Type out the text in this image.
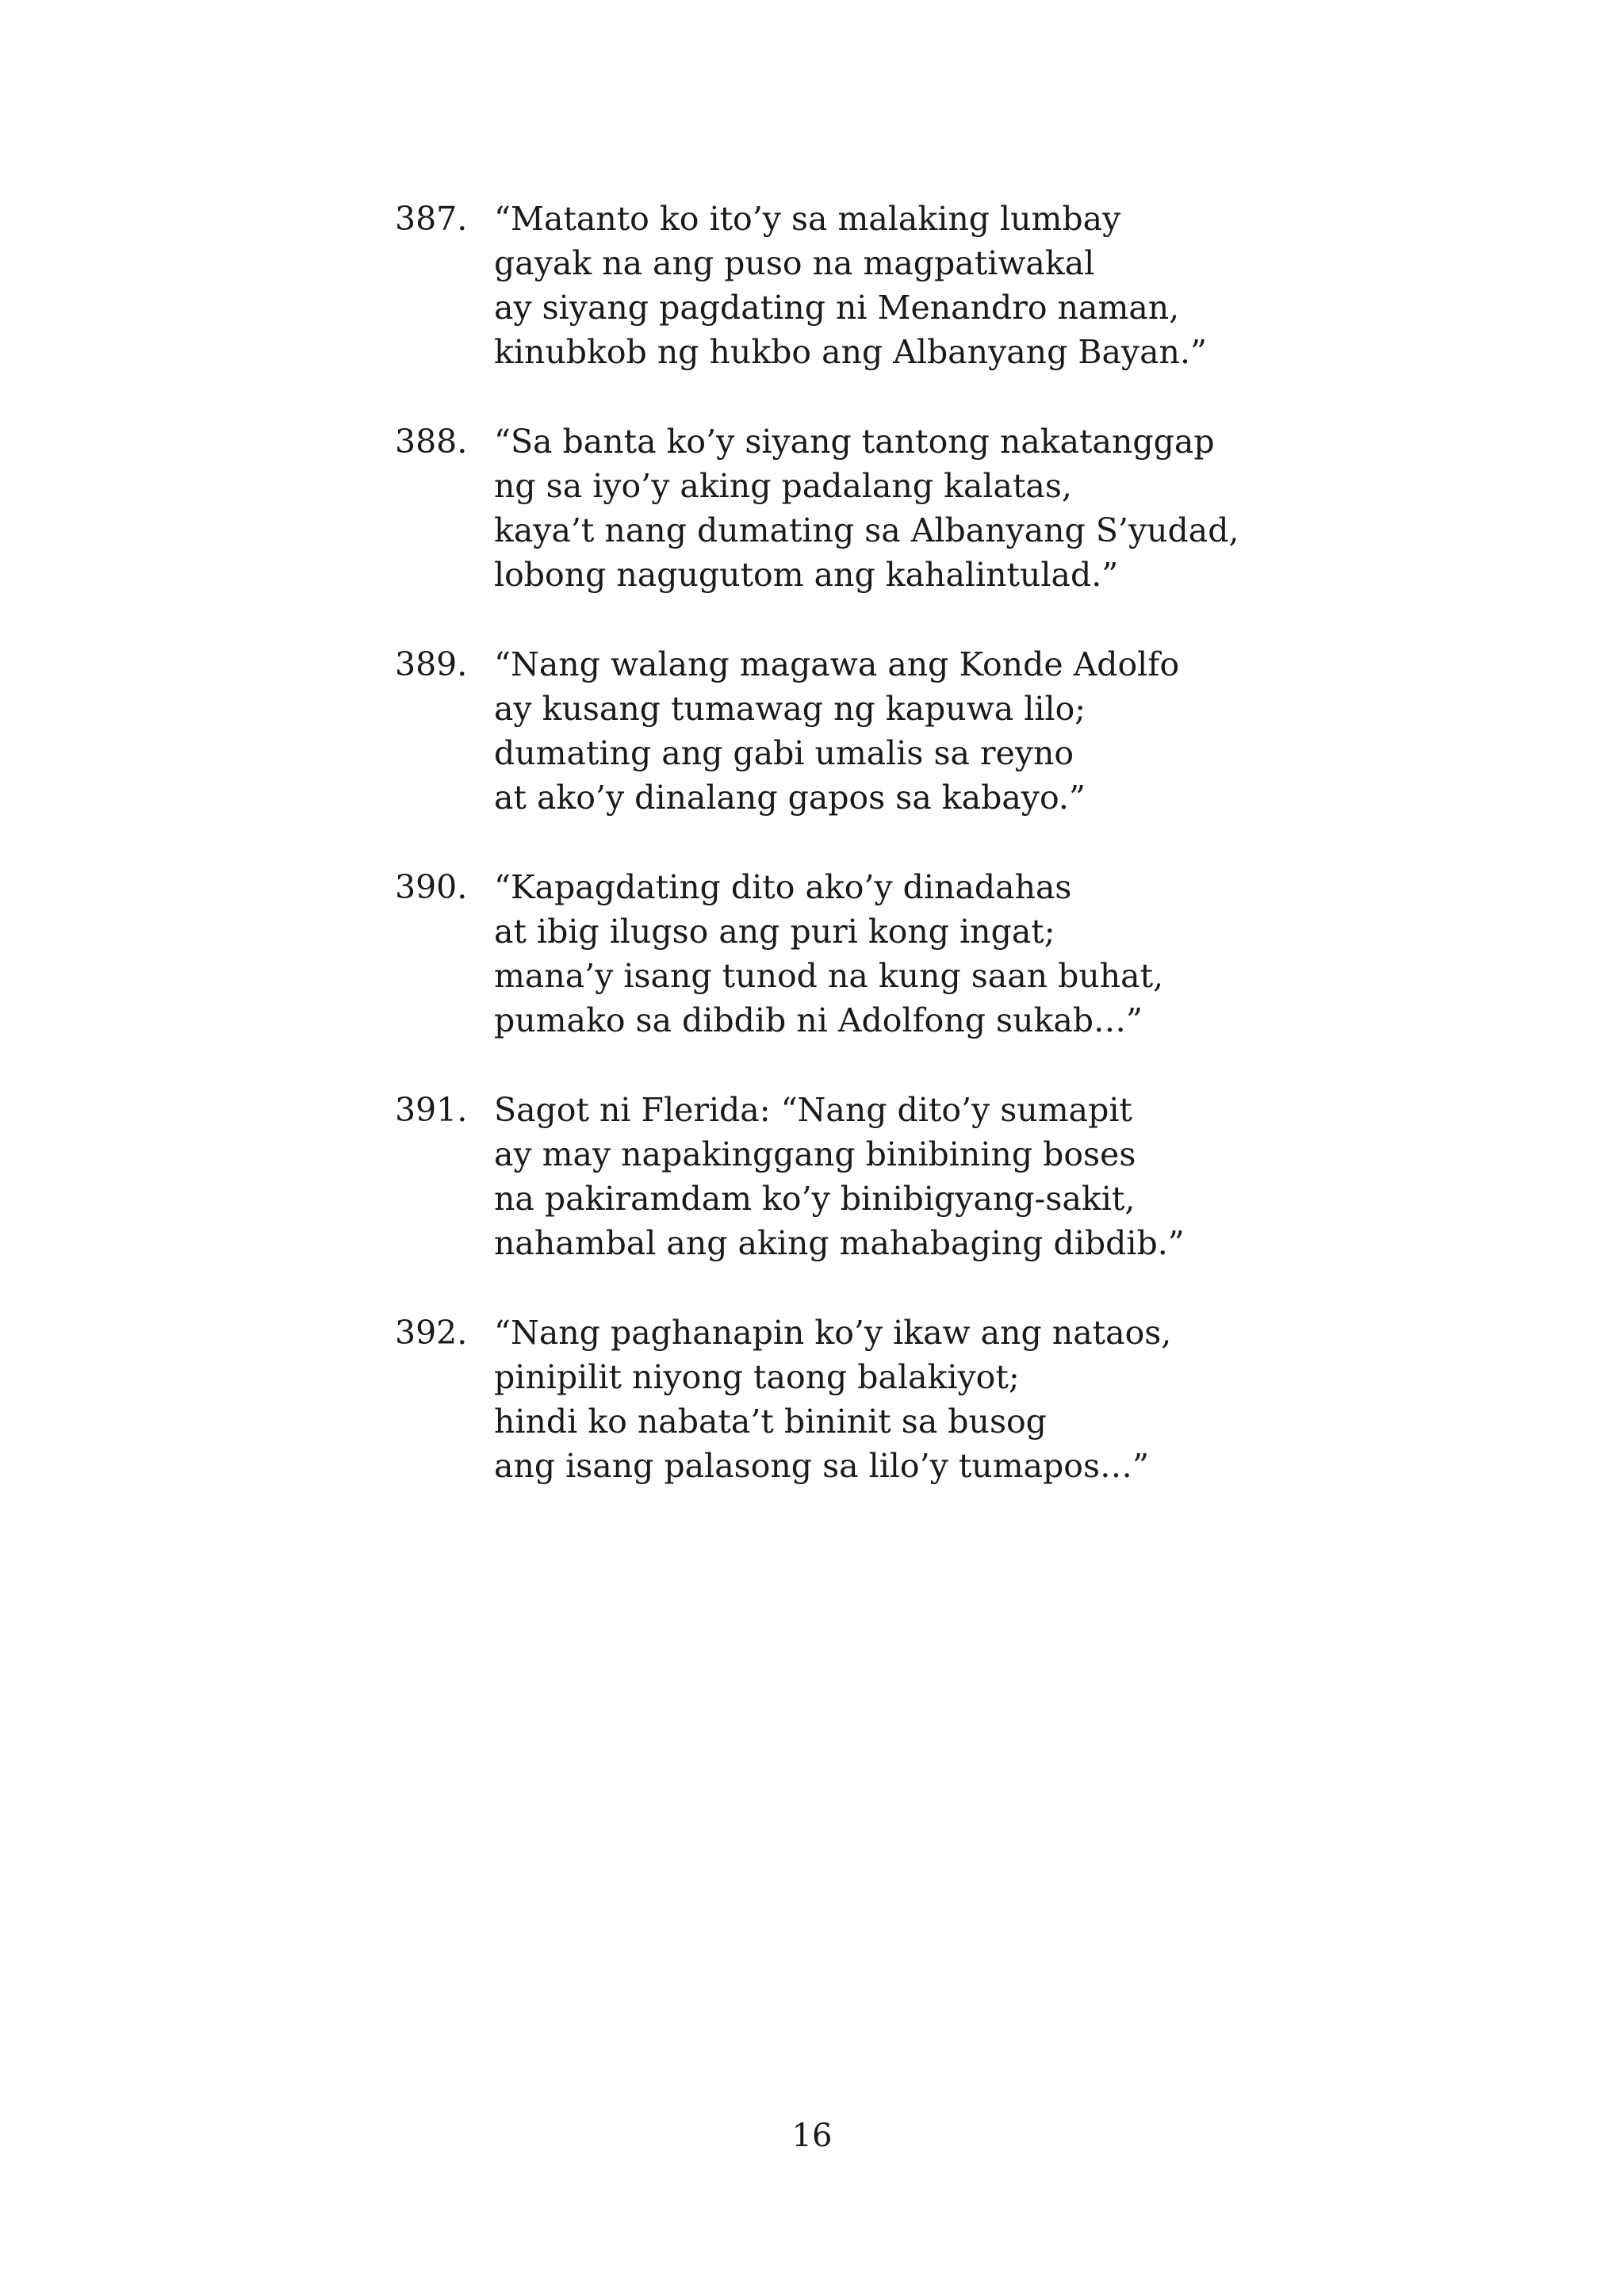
387. “Matanto ko ito’y sa malaking lumbay
gayak na ang puso na magpatiwakal
ay siyang pagdating ni Menandro naman,
kinubkob ng hukbo ang Albanyang Bayan.”
388. “Sa banta ko’y siyang tantong nakatanggap
ng sa iyo’y aking padalang kalatas,
kaya’t nang dumating sa Albanyang S’yudad,
lobong nagugutom ang kahalintulad.”
389. “Nang walang magawa ang Konde Adolfo
ay kusang tumawag ng kapuwa lilo;
dumating ang gabi umalis sa reyno
at ako’y dinalang gapos sa kabayo.”
390. “Kapagdating dito ako’y dinadahas
at ibig ilugso ang puri kong ingat;
mana’y isang tunod na kung saan buhat,
pumako sa dibdib ni Adolfong sukab…”
391. Sagot ni Flerida: “Nang dito’y sumapit
ay may napakinggang binibining boses
na pakiramdam ko’y binibigyang-sakit,
nahambal ang aking mahabaging dibdib.”
392. “Nang paghanapin ko’y ikaw ang nataos,
pinipilit niyong taong balakiyot;
hindi ko nabata’t bininit sa busog
ang isang palasong sa lilo’y tumapos…”
16
